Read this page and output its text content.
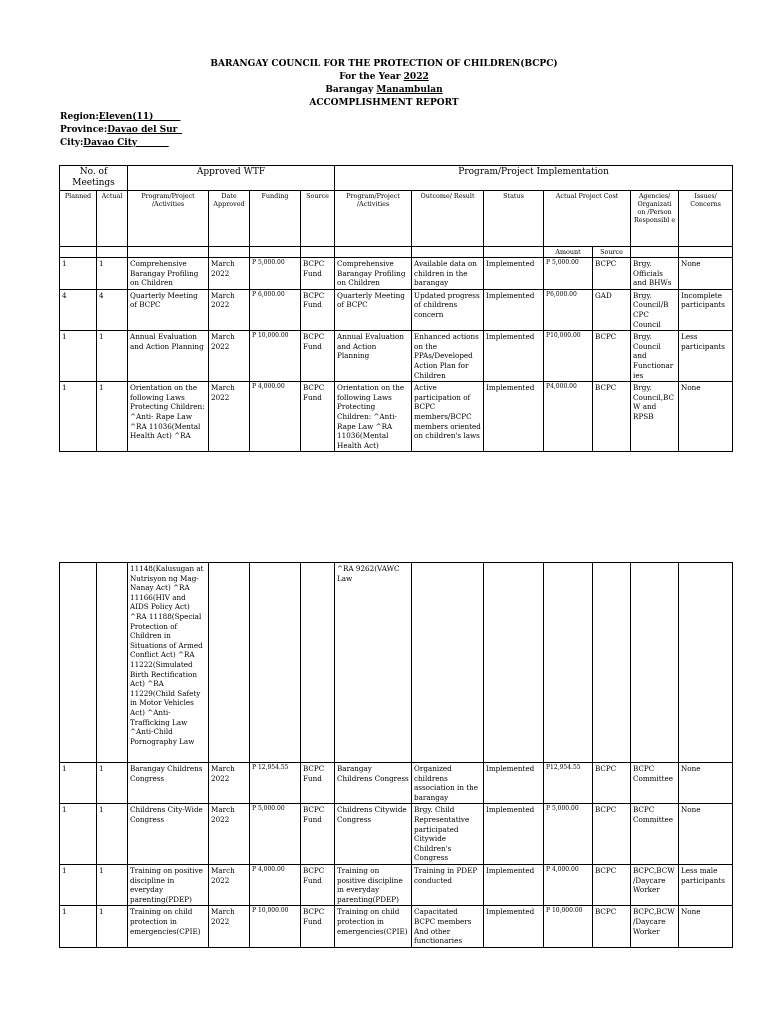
BARANGAY COUNCIL FOR THE PROTECTION OF CHILDREN(BCPC)
For the Year 2022
Barangay Manambulan
ACCOMPLISHMENT REPORT
Region:Eleven(11)______
Province:Davao del Sur_
City:Davao City_______
No. of Meetings		Approved WTF				Program/Project Implementation						
Planned	Actual	Program/Project /Activities	Date Approved	Funding	Source	Program/Project /Activities	Outcome/ Result	Status	Actual Project Cost		Agencies/ Organizati on /Person Responsibl e	Issues/ Concerns
									Amount	Source		
1	1	Comprehensive Barangay Profiling on Children	March 2022	P 5,000.00	BCPC Fund	Comprehensive Barangay Profiling on Children	Available data on children in the barangay	Implemented	P 5,000.00	BCPC	Brgy. Officials and BHWs	None
4	4	Quarterly Meeting of BCPC	March 2022	P 6,000.00	BCPC Fund	Quarterly Meeting of BCPC	Updated progress of childrens concern	Implemented	P6,000.00	GAD	Brgy. Council/B CPC Council	Incomplete participants
1	1	Annual Evaluation and Action Planning	March 2022	P 10,000.00	BCPC Fund	Annual Evaluation and Action Planning	Enhanced actions on the PPAs/Developed Action Plan for Children	Implemented	P10,000.00	BCPC	Brgy. Council and Functionar ies	Less participants
1	1	Orientation on the following Laws Protecting Children: ^Anti- Rape Law ^RA 11036(Mental Health Act) ^RA	March 2022	P 4,000.00	BCPC Fund	Orientation on the following Laws Protecting Children: ^Anti-Rape Law ^RA 11036(Mental Health Act)	Active participation of BCPC members/BCPC members oriented on children's laws	Implemented	P4,000.00	BCPC	Brgy. Council,BC W and RPSB	None
		11148(Kalusugan at Nutrisyon ng Mag-Nanay Act) ^RA 11166(HIV and AIDS Policy Act) ^RA 11188(Special Protection of Children in Situations of Armed Conflict Act) ^RA 11222(Simulated Birth Rectification Act) ^RA 11229(Child Safety in Motor Vehicles Act) ^Anti-Trafficking Law ^Anti-Child Pornography Law				^RA 9262(VAWC Law						
1	1	Barangay Childrens Congress	March 2022	P 12,954.55	BCPC Fund	Barangay Childrens Congress	Organized childrens association in the barangay	Implemented	P12,954.55	BCPC	BCPC Committee	None
1	1	Childrens City-Wide Congress	March 2022	P 5,000.00	BCPC Fund	Childrens Citywide Congress	Brgy. Child Representative participated Citywide Children's Congress	Implemented	P 5,000.00	BCPC	BCPC Committee	None
1	1	Training on positive discipline in everyday parenting(PDEP)	March 2022	P 4,000.00	BCPC Fund	Training on positive discipline in everyday parenting(PDEP)	Training in PDEP conducted	Implemented	P 4,000.00	BCPC	BCPC,BCW /Daycare Worker	Less male participants
1	1	Training on child protection in emergencies(CPIE)	March 2022	P 10,000.00	BCPC Fund	Training on child protection in emergencies(CPIE)	Capacitated BCPC members And other functionaries	Implemented	P 10,000.00	BCPC	BCPC,BCW /Daycare Worker	None
